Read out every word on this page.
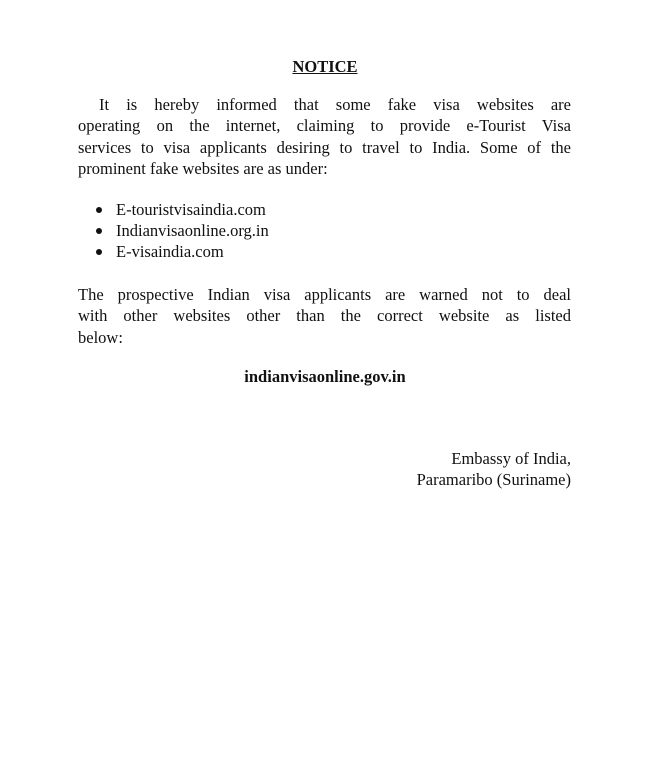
NOTICE
It is hereby informed that some fake visa websites are
operating on the internet, claiming to provide e-Tourist Visa
services to visa applicants desiring to travel to India. Some of the
prominent fake websites are as under:
E-touristvisaindia.com
Indianvisaonline.org.in
E-visaindia.com
The prospective Indian visa applicants are warned not to deal
with other websites other than the correct website as listed
below:
indianvisaonline.gov.in
Embassy of India,
Paramaribo (Suriname)
